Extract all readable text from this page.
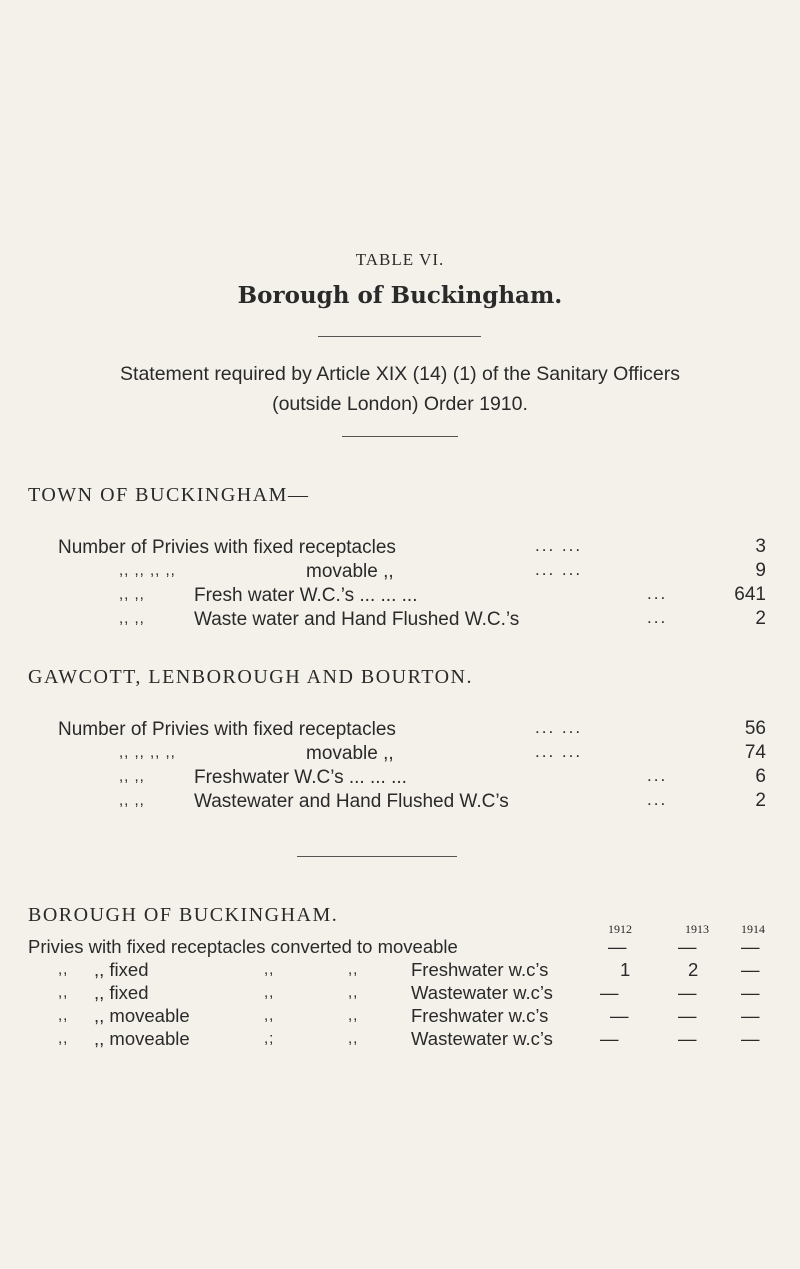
TABLE VI.
Borough of Buckingham.
Statement required by Article XIX (14) (1) of the Sanitary Officers
(outside London) Order 1910.
TOWN OF BUCKINGHAM—
Number of Privies with fixed receptacles	... ...	3
,, ,, ,, ,,	movable ,,	... ...	9
,, ,,	Fresh water W.C.’s ... ... ...	...	641
,, ,,	Waste water and Hand Flushed W.C.’s	...	2
GAWCOTT, LENBOROUGH AND BOURTON.
Number of Privies with fixed receptacles	... ...	56
,, ,, ,, ,,	movable ,,	... ...	74
,, ,,	Freshwater W.C’s ... ... ...	...	6
,, ,,	Wastewater and Hand Flushed W.C’s	...	2
BOROUGH OF BUCKINGHAM.
1912	1913	1914
Privies with fixed receptacles converted to moveable	—	— —
,, ,, fixed	,,	,,	Freshwater w.c’s	1	2 —
,, ,, fixed	,,	,,	Wastewater w.c’s	—	— —
,, ,, moveable	,,	,,	Freshwater w.c’s	—	— —
,, ,, moveable	,;	,,	Wastewater w.c’s	—	— —
